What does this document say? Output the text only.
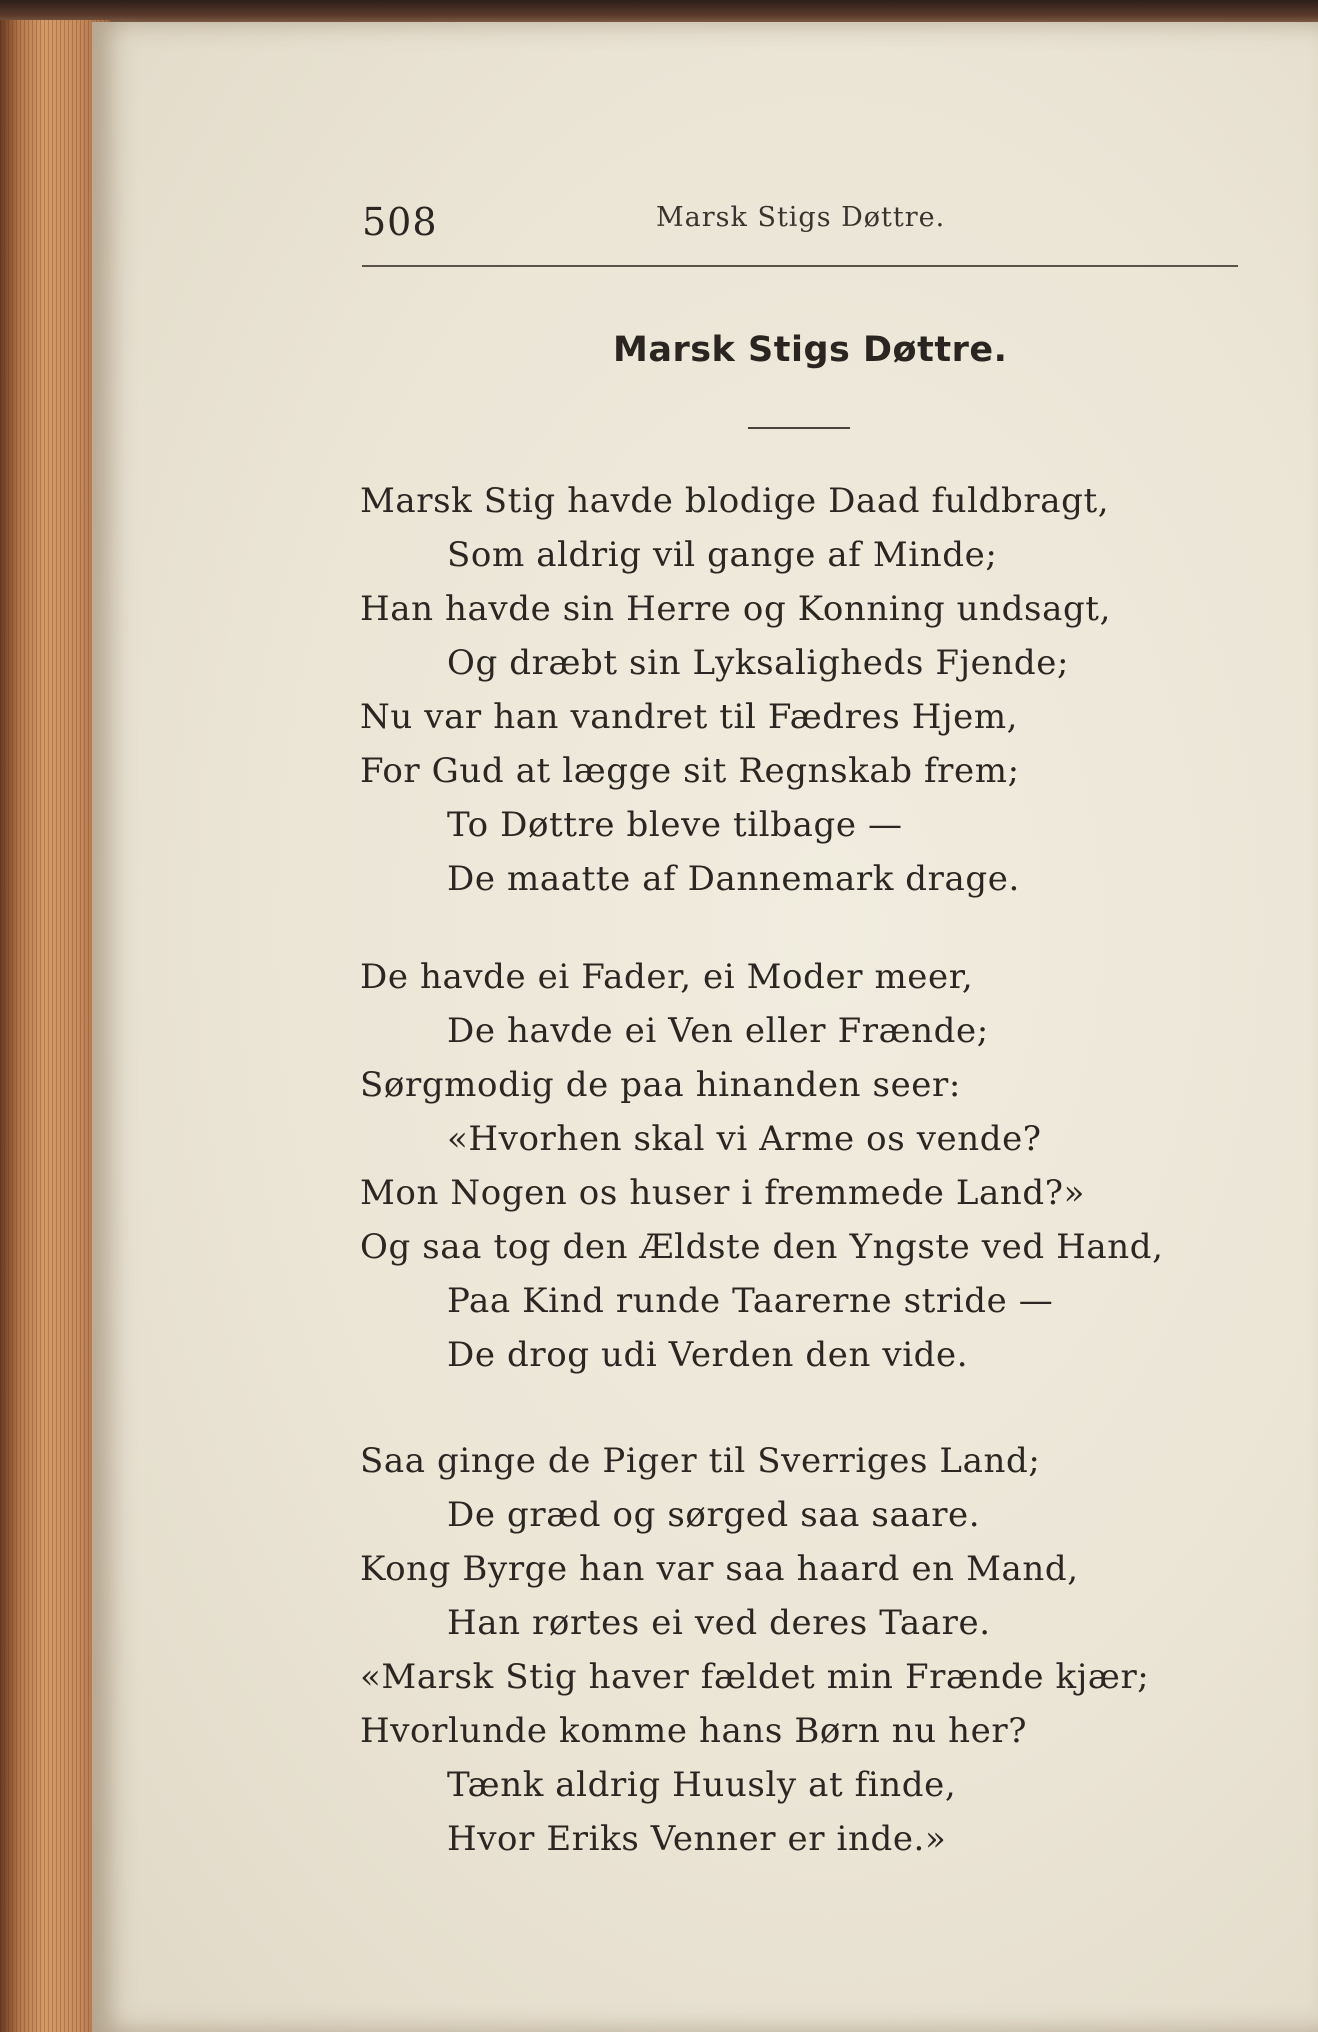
508	Marsk Stigs Døttre.
Marsk Stigs Døttre.
Marsk Stig havde blodige Daad fuldbragt,
Som aldrig vil gange af Minde;
Han havde sin Herre og Konning undsagt,
Og dræbt sin Lyksaligheds Fjende;
Nu var han vandret til Fædres Hjem,
For Gud at lægge sit Regnskab frem;
To Døttre bleve tilbage —
De maatte af Dannemark drage.
De havde ei Fader, ei Moder meer,
De havde ei Ven eller Frænde;
Sørgmodig de paa hinanden seer:
«Hvorhen skal vi Arme os vende?
Mon Nogen os huser i fremmede Land?»
Og saa tog den Ældste den Yngste ved Hand,
Paa Kind runde Taarerne stride —
De drog udi Verden den vide.
Saa ginge de Piger til Sverriges Land;
De græd og sørged saa saare.
Kong Byrge han var saa haard en Mand,
Han rørtes ei ved deres Taare.
«Marsk Stig haver fældet min Frænde kjær;
Hvorlunde komme hans Børn nu her?
Tænk aldrig Huusly at finde,
Hvor Eriks Venner er inde.»
